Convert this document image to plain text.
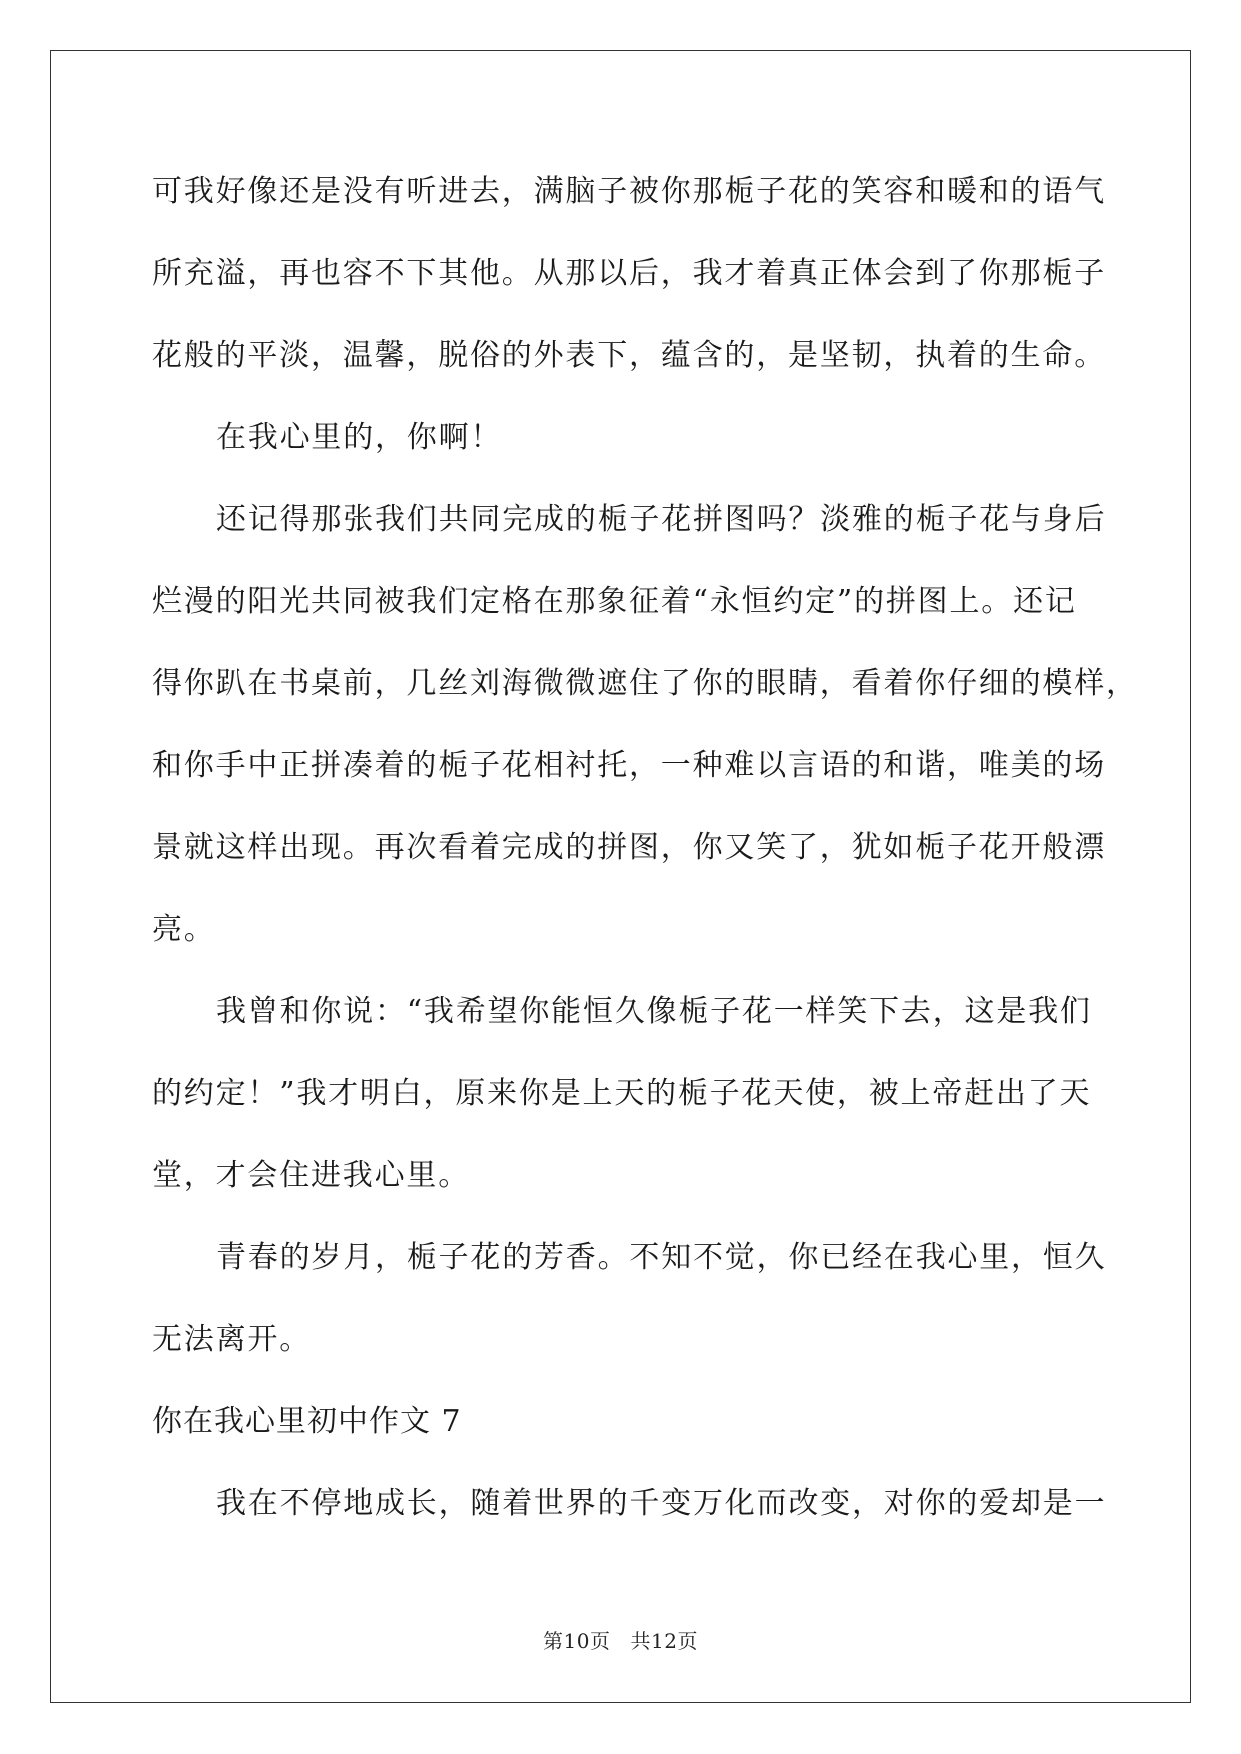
可我好像还是没有听进去，满脑子被你那栀子花的笑容和暖和的语气
所充溢，再也容不下其他。从那以后，我才着真正体会到了你那栀子
花般的平淡，温馨，脱俗的外表下，蕴含的，是坚韧，执着的生命。
在我心里的，你啊！
还记得那张我们共同完成的栀子花拼图吗？淡雅的栀子花与身后
烂漫的阳光共同被我们定格在那象征着“永恒约定”的拼图上。还记
得你趴在书桌前，几丝刘海微微遮住了你的眼睛，看着你仔细的模样，
和你手中正拼凑着的栀子花相衬托，一种难以言语的和谐，唯美的场
景就这样出现。再次看着完成的拼图，你又笑了，犹如栀子花开般漂
亮。
我曾和你说：“我希望你能恒久像栀子花一样笑下去，这是我们
的约定！”我才明白，原来你是上天的栀子花天使，被上帝赶出了天
堂，才会住进我心里。
青春的岁月，栀子花的芳香。不知不觉，你已经在我心里，恒久
无法离开。
你在我心里初中作文 7
我在不停地成长，随着世界的千变万化而改变，对你的爱却是一
第10页 共12页
